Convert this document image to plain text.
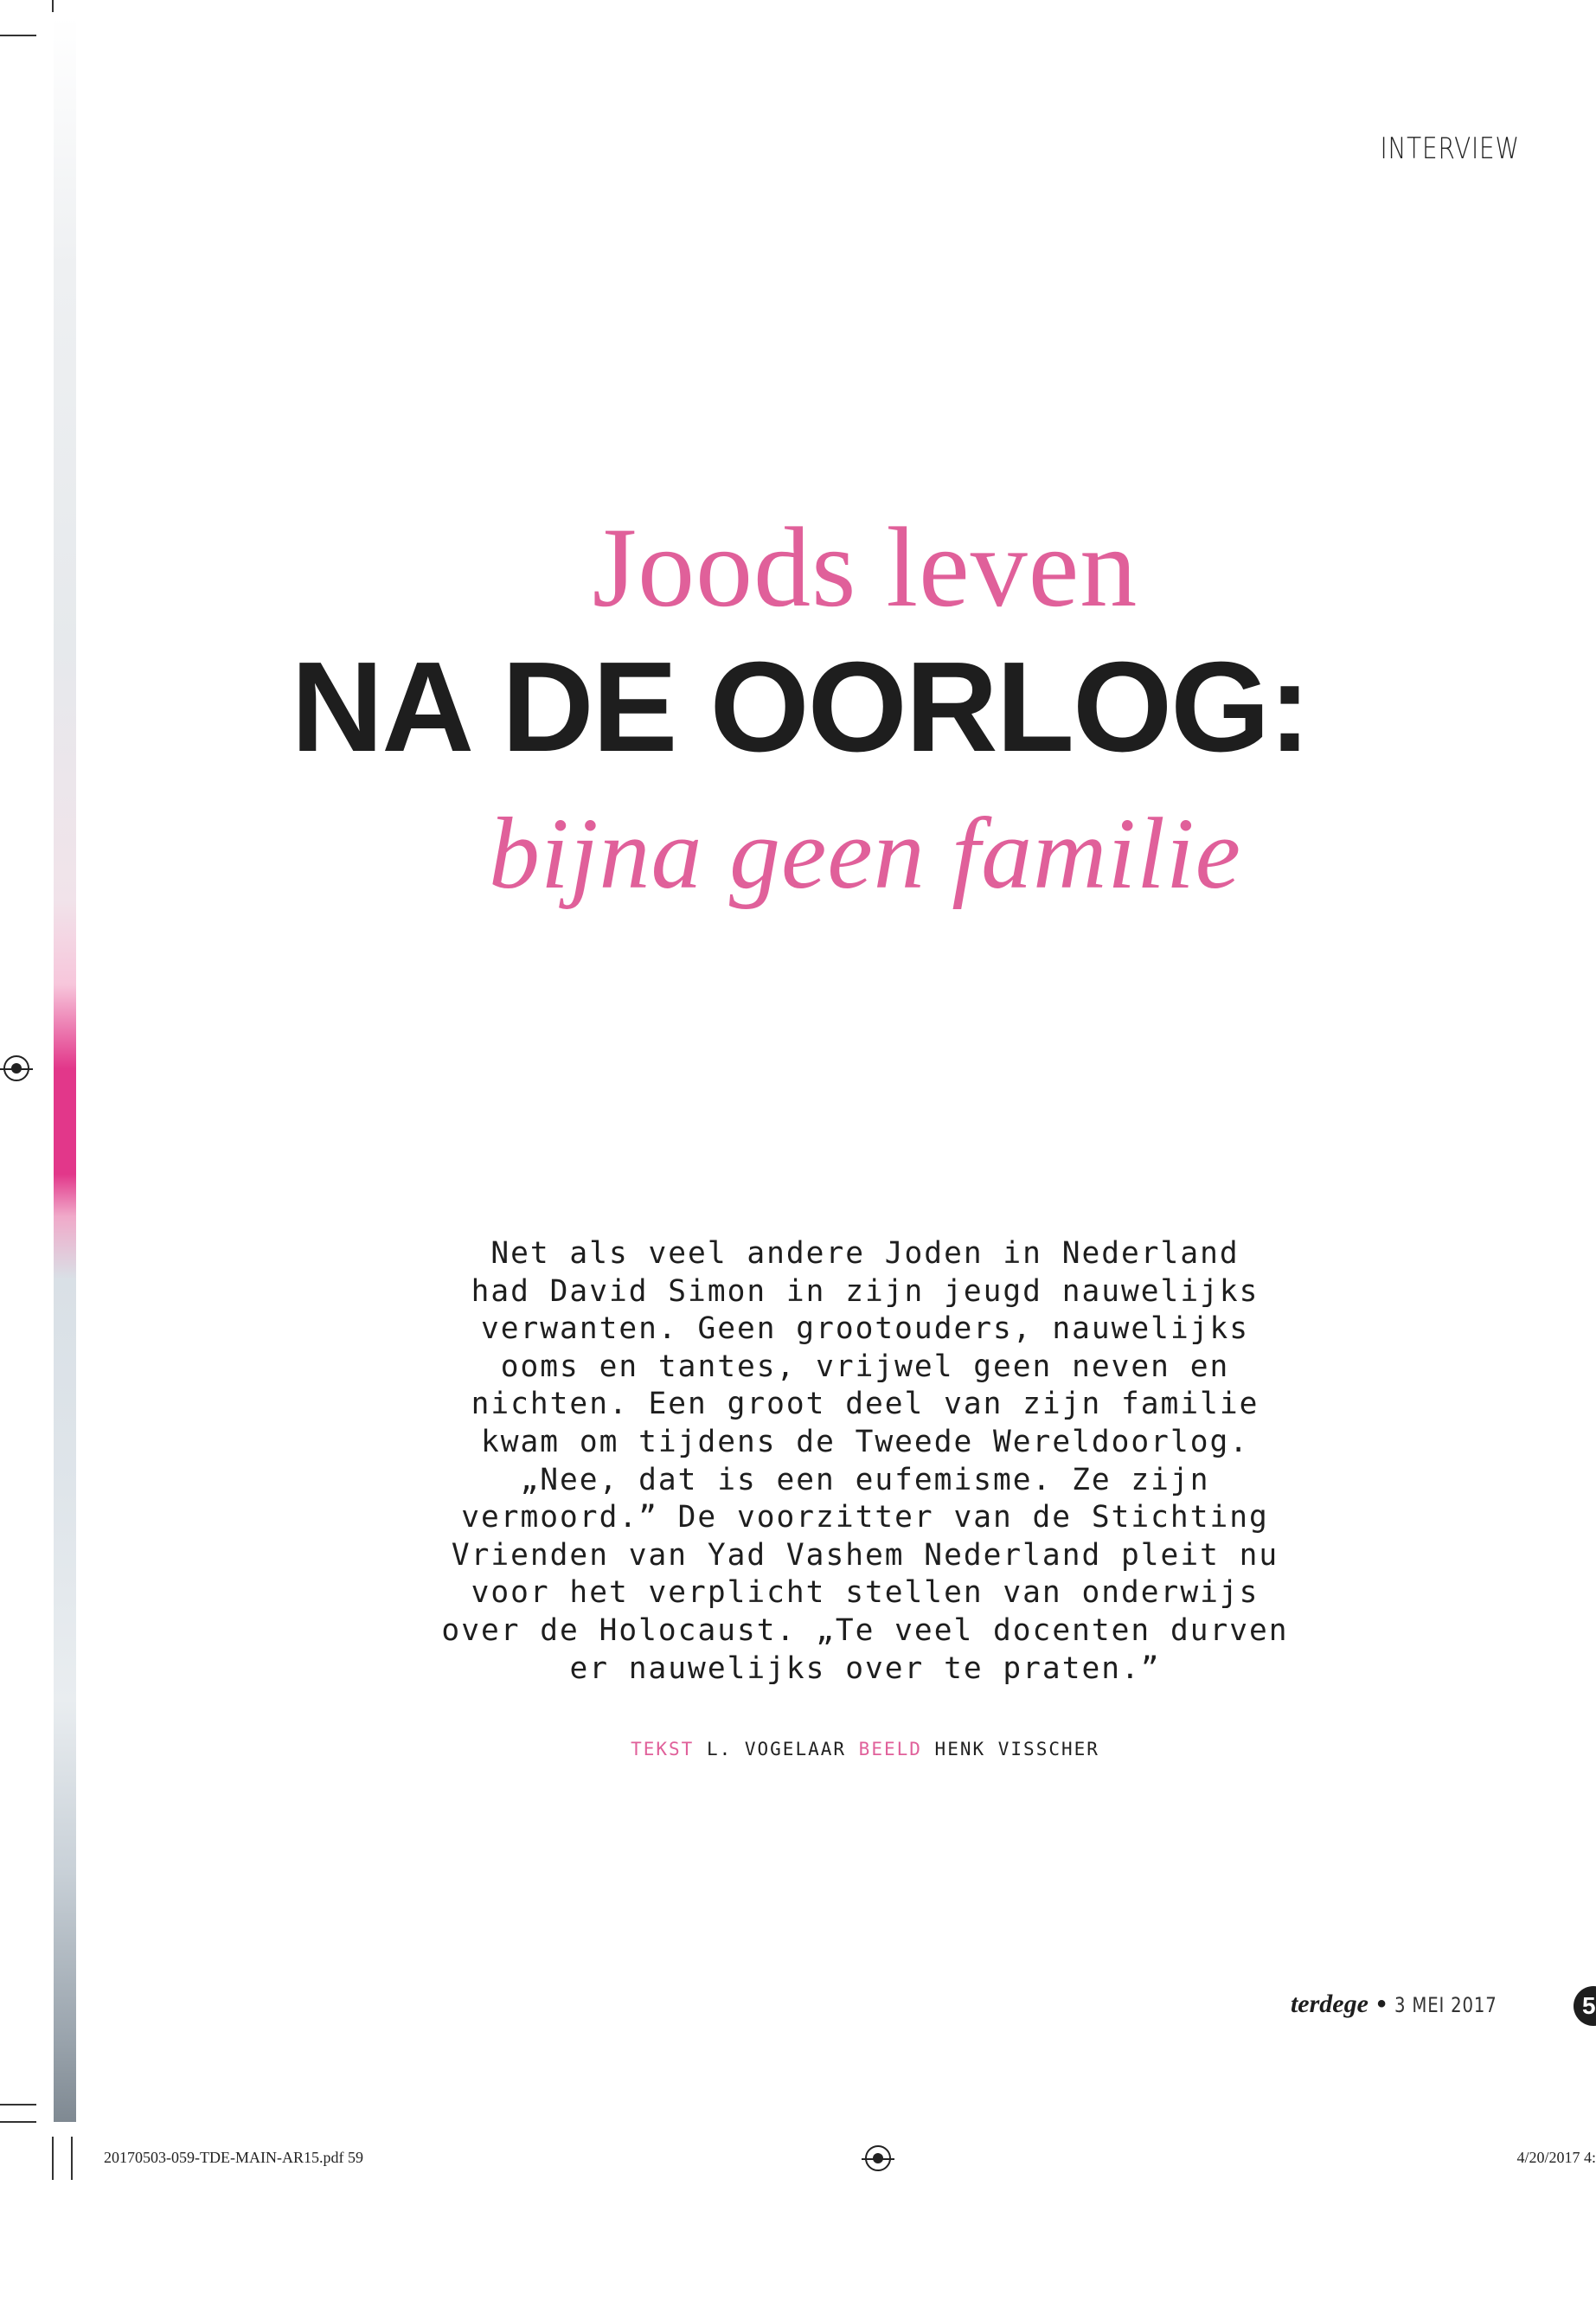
INTERVIEW
Joods leven
NA DE OORLOG:
bijna geen familie

Net als veel andere Joden in Nederland
had David Simon in zijn jeugd nauwelijks
verwanten. Geen grootouders, nauwelijks
ooms en tantes, vrijwel geen neven en
nichten. Een groot deel van zijn familie
kwam om tijdens de Tweede Wereldoorlog.
„Nee, dat is een eufemisme. Ze zijn
vermoord.” De voorzitter van de Stichting
Vrienden van Yad Vashem Nederland pleit nu
voor het verplicht stellen van onderwijs
over de Holocaust. „Te veel docenten durven
er nauwelijks over te praten.”

TEKST L. VOGELAAR BEELD HENK VISSCHER
terdege • 3 MEI 2017	5
20170503-059-TDE-MAIN-AR15.pdf 59	4/20/2017 4:
